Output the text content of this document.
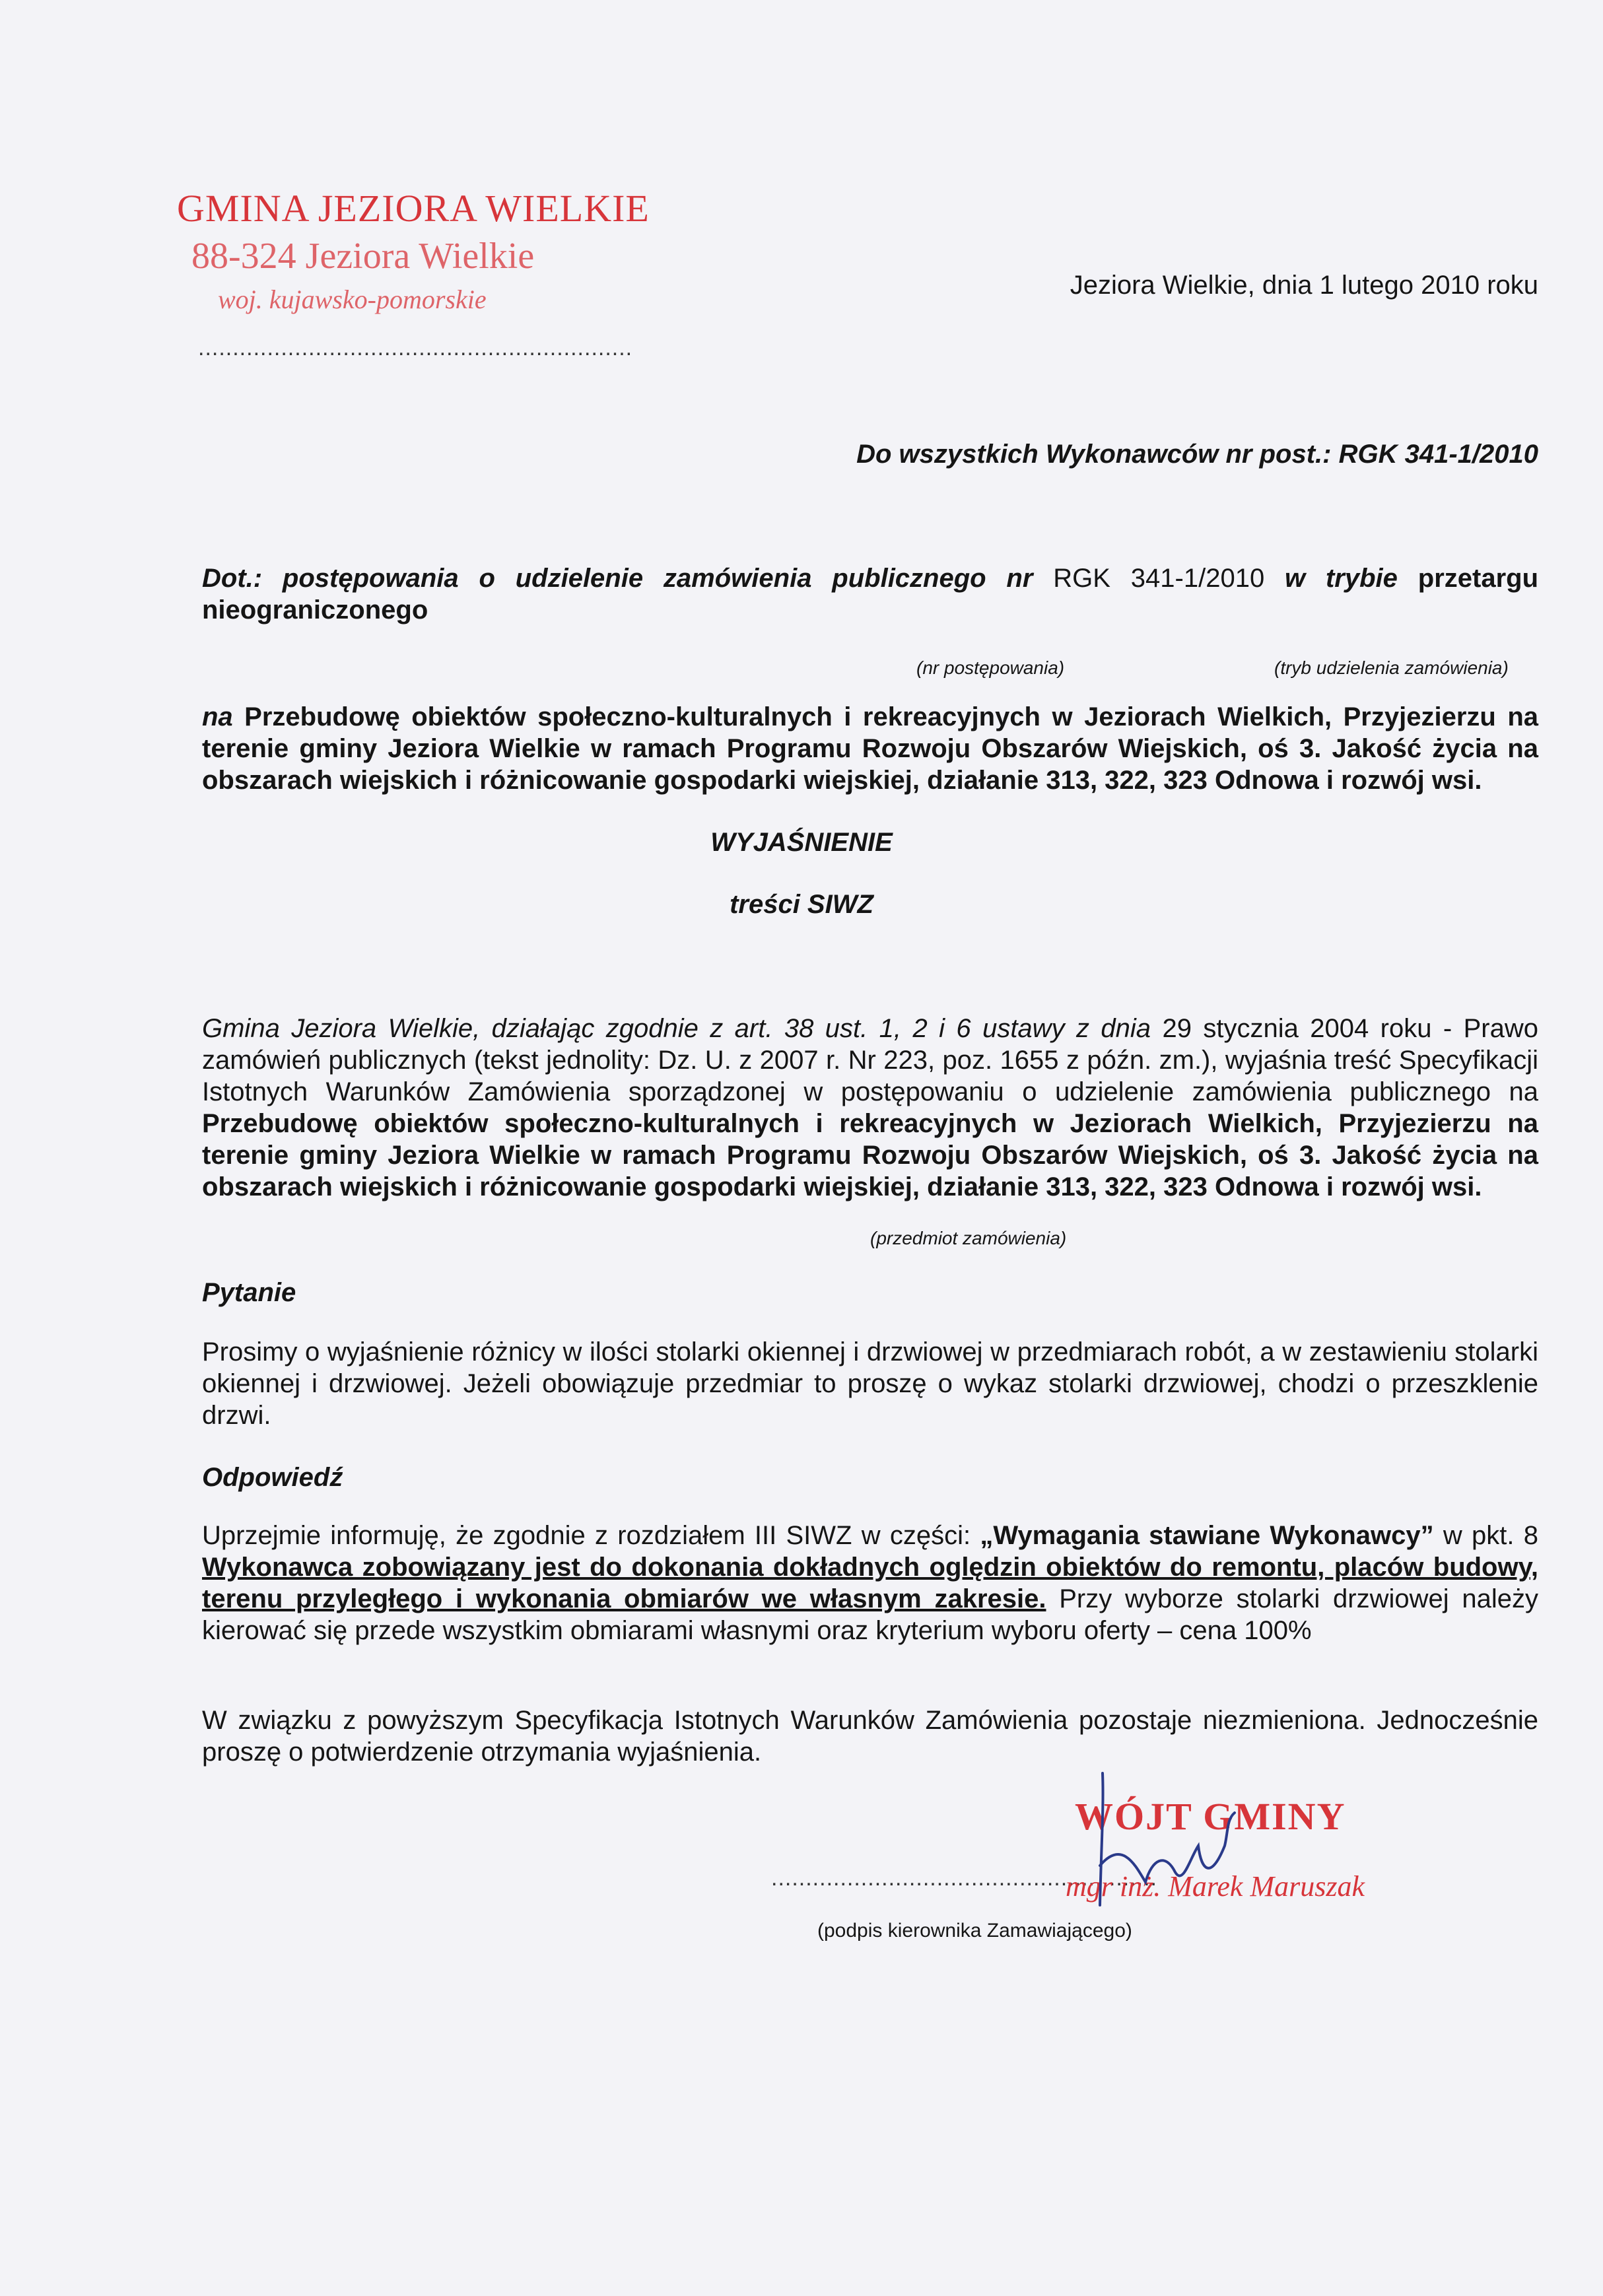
GMINA JEZIORA WIELKIE
88-324 Jeziora Wielkie
woj. kujawsko-pomorskie
...............................................................
Jeziora Wielkie, dnia 1 lutego 2010 roku
Do wszystkich Wykonawców nr post.: RGK 341-1/2010
Dot.: postępowania o udzielenie zamówienia publicznego nr RGK 341-1/2010 w trybie przetargu nieograniczonego
(nr postępowania)	(tryb udzielenia zamówienia)
na Przebudowę obiektów społeczno-kulturalnych i rekreacyjnych w Jeziorach Wielkich, Przyjezierzu na terenie gminy Jeziora Wielkie w ramach Programu Rozwoju Obszarów Wiejskich, oś 3. Jakość życia na obszarach wiejskich i różnicowanie gospodarki wiejskiej, działanie 313, 322, 323 Odnowa i rozwój wsi.
WYJAŚNIENIE
treści SIWZ
Gmina Jeziora Wielkie, działając zgodnie z art. 38 ust. 1, 2 i 6 ustawy z dnia 29 stycznia 2004 roku - Prawo zamówień publicznych (tekst jednolity: Dz. U. z 2007 r. Nr 223, poz. 1655 z późn. zm.), wyjaśnia treść Specyfikacji Istotnych Warunków Zamówienia sporządzonej w postępowaniu o udzielenie zamówienia publicznego na Przebudowę obiektów społeczno-kulturalnych i rekreacyjnych w Jeziorach Wielkich, Przyjezierzu na terenie gminy Jeziora Wielkie w ramach Programu Rozwoju Obszarów Wiejskich, oś 3. Jakość życia na obszarach wiejskich i różnicowanie gospodarki wiejskiej, działanie 313, 322, 323 Odnowa i rozwój wsi.
(przedmiot zamówienia)
Pytanie
Prosimy o wyjaśnienie różnicy w ilości stolarki okiennej i drzwiowej w przedmiarach robót, a w zestawieniu stolarki okiennej i drzwiowej. Jeżeli obowiązuje przedmiar to proszę o wykaz stolarki drzwiowej, chodzi o przeszklenie drzwi.
Odpowiedź
Uprzejmie informuję, że zgodnie z rozdziałem III SIWZ w części: „Wymagania stawiane Wykonawcy” w pkt. 8 Wykonawca zobowiązany jest do dokonania dokładnych oględzin obiektów do remontu, placów budowy, terenu przyległego i wykonania obmiarów we własnym zakresie. Przy wyborze stolarki drzwiowej należy kierować się przede wszystkim obmiarami własnymi oraz kryterium wyboru oferty – cena 100%
W związku z powyższym Specyfikacja Istotnych Warunków Zamówienia pozostaje niezmieniona. Jednocześnie proszę o potwierdzenie otrzymania wyjaśnienia.
WÓJT GMINY
........................................................
mgr inż. Marek Maruszak
(podpis kierownika Zamawiającego)
